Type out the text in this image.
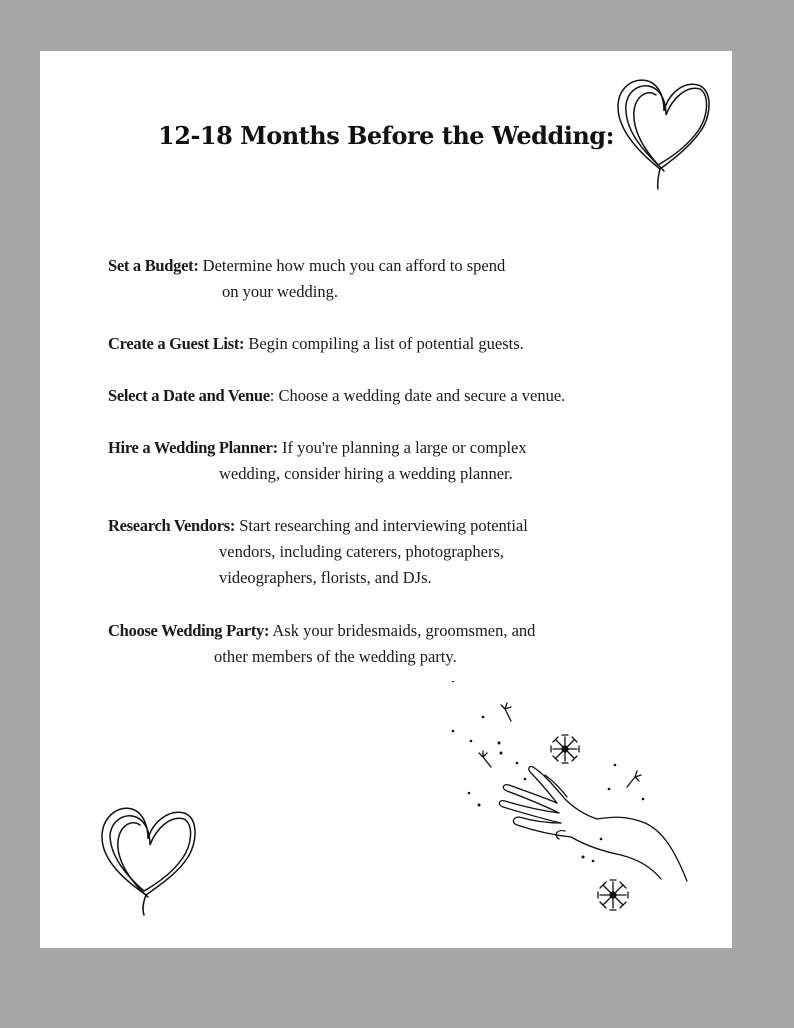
12-18 Months Before the Wedding:
Set a Budget: Determine how much you can afford to spend
on your wedding.
Create a Guest List: Begin compiling a list of potential guests.
Select a Date and Venue: Choose a wedding date and secure a venue.
Hire a Wedding Planner: If you're planning a large or complex
wedding, consider hiring a wedding planner.
Research Vendors: Start researching and interviewing potential
vendors, including caterers, photographers,
videographers, florists, and DJs.
Choose Wedding Party: Ask your bridesmaids, groomsmen, and
other members of the wedding party.
